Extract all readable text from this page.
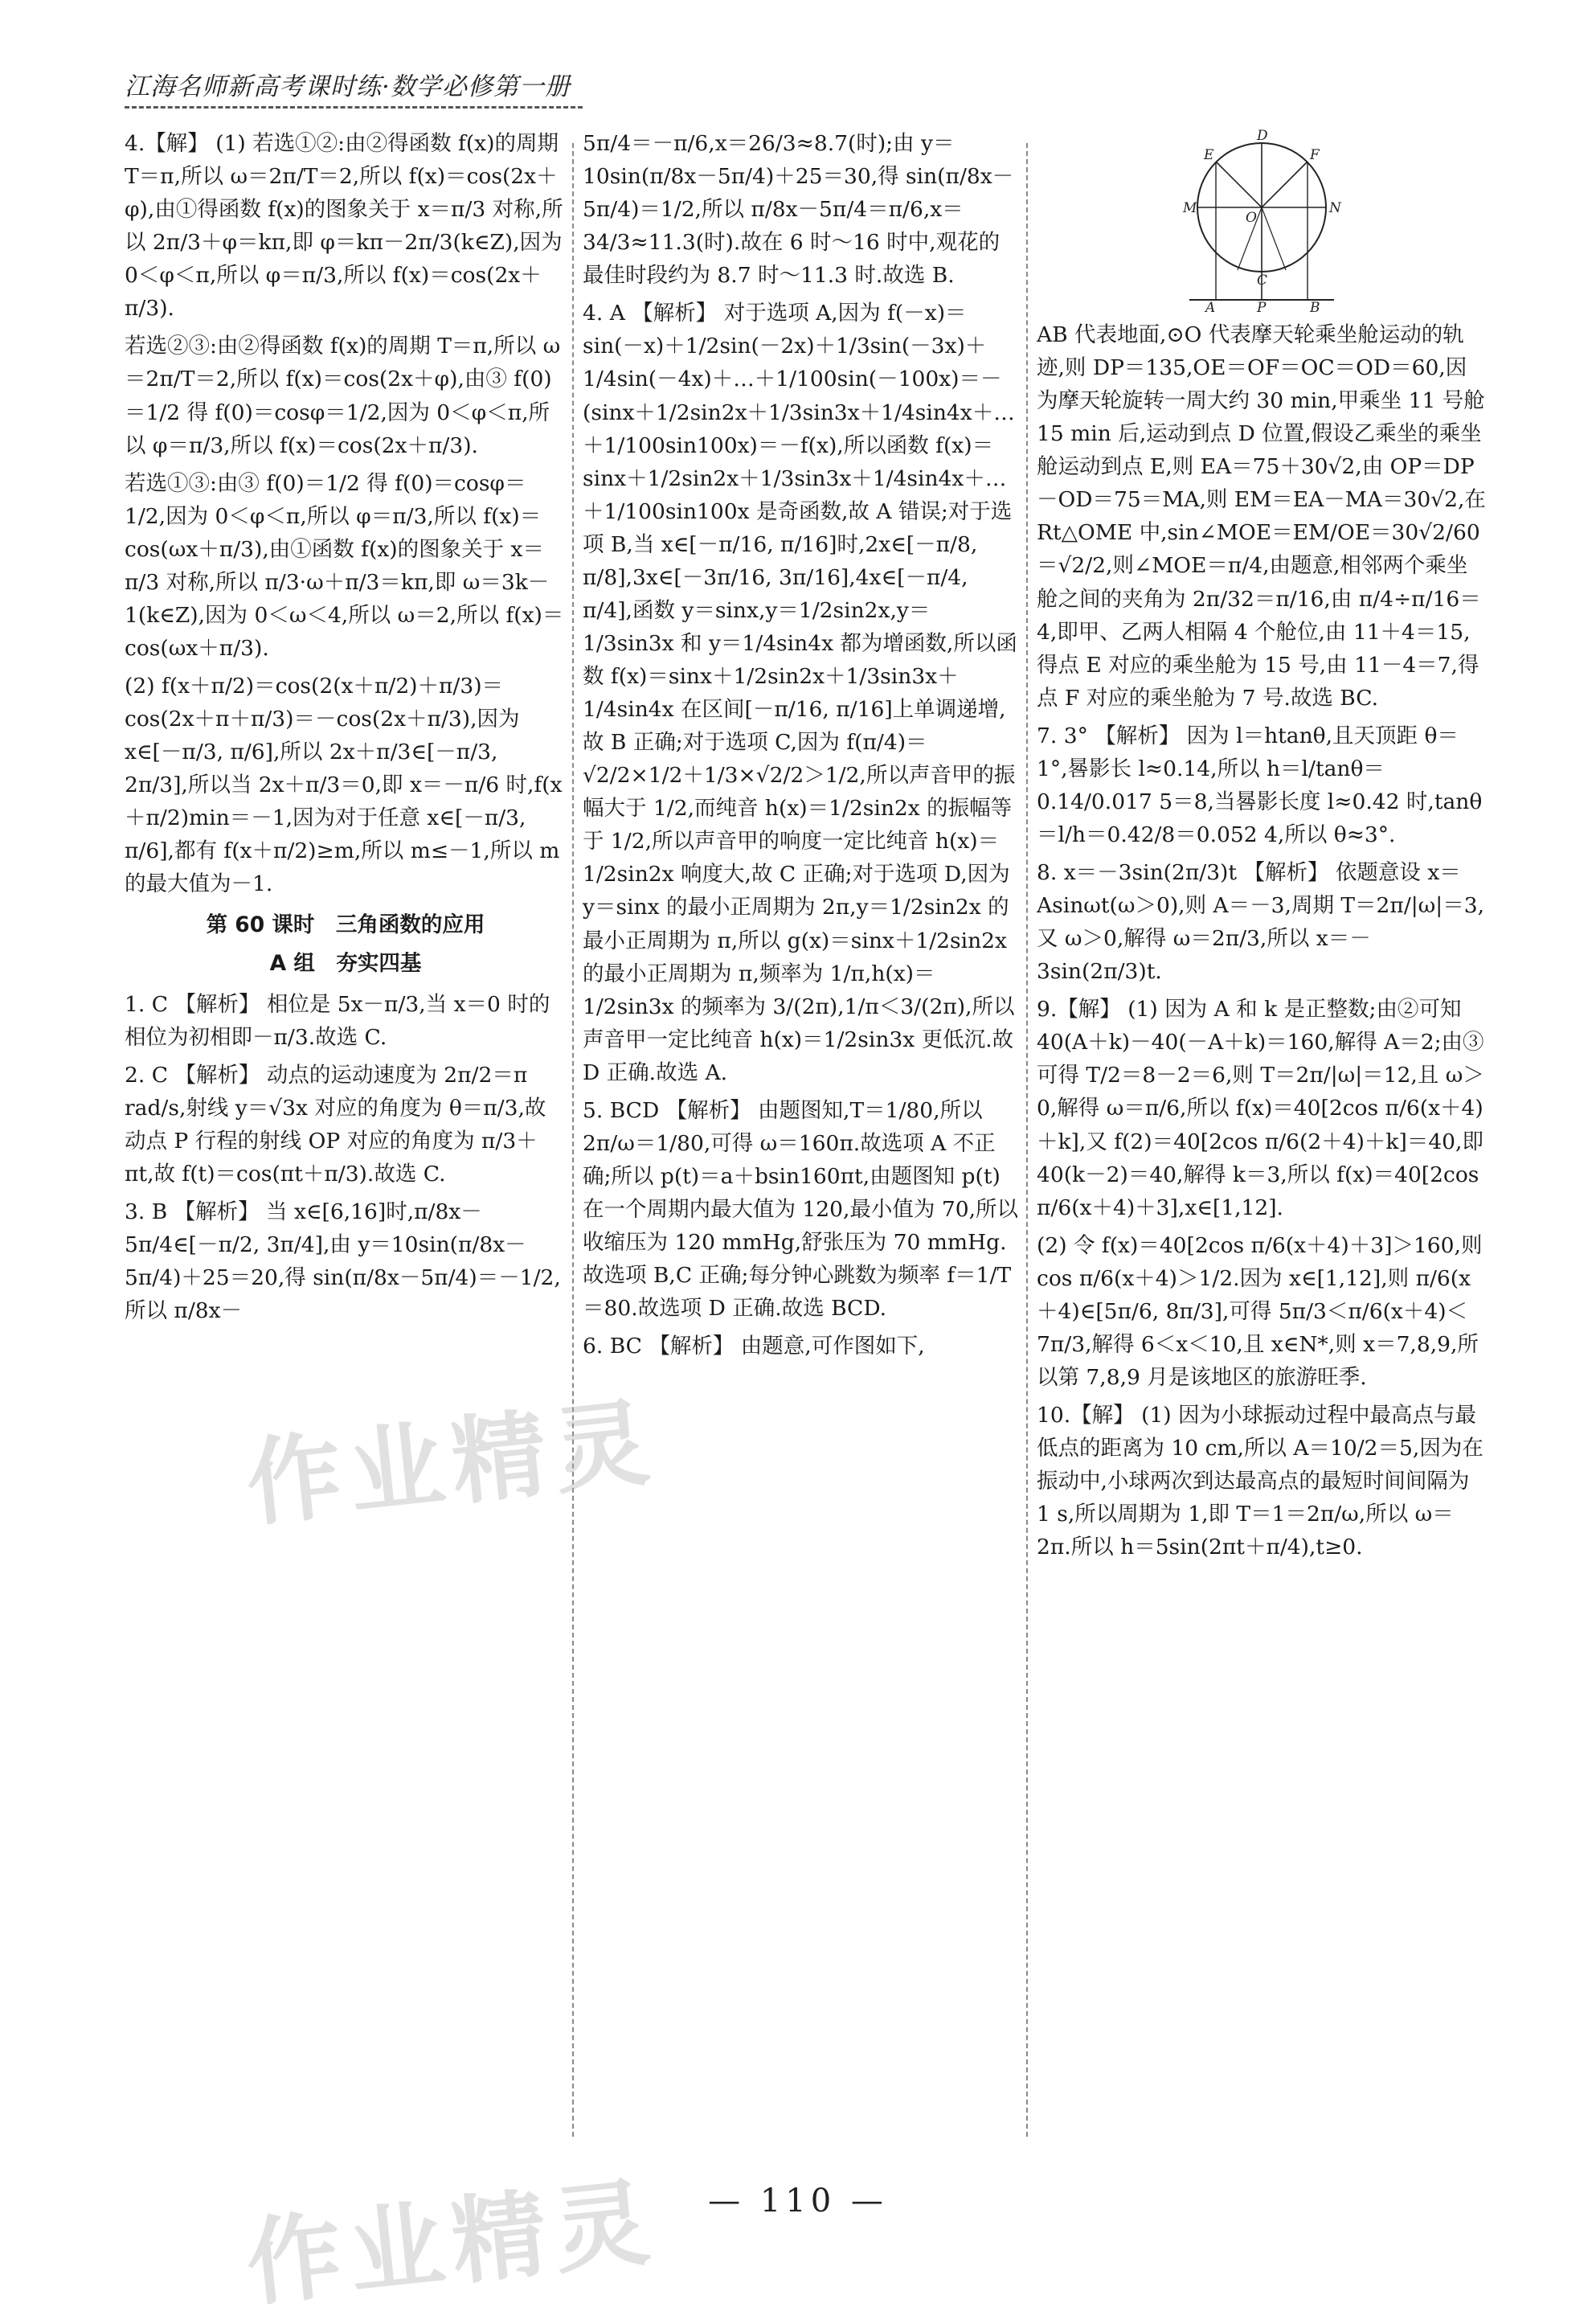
江海名师新高考课时练·数学必修第一册

4.【解】 (1) 若选①②:由②得函数 f(x)的周期 T＝π,所以 ω＝2π/T＝2,所以 f(x)＝cos(2x＋φ),由①得函数 f(x)的图象关于 x＝π/3 对称,所以 2π/3＋φ＝kπ,即 φ＝kπ－2π/3(k∈Z),因为 0＜φ＜π,所以 φ＝π/3,所以 f(x)＝cos(2x＋π/3).

若选②③:由②得函数 f(x)的周期 T＝π,所以 ω＝2π/T＝2,所以 f(x)＝cos(2x＋φ),由③ f(0)＝1/2 得 f(0)＝cosφ＝1/2,因为 0＜φ＜π,所以 φ＝π/3,所以 f(x)＝cos(2x＋π/3).

若选①③:由③ f(0)＝1/2 得 f(0)＝cosφ＝1/2,因为 0＜φ＜π,所以 φ＝π/3,所以 f(x)＝cos(ωx＋π/3),由①函数 f(x)的图象关于 x＝π/3 对称,所以 π/3·ω＋π/3＝kπ,即 ω＝3k－1(k∈Z),因为 0＜ω＜4,所以 ω＝2,所以 f(x)＝cos(ωx＋π/3).

(2) f(x＋π/2)＝cos(2(x＋π/2)＋π/3)＝cos(2x＋π＋π/3)＝－cos(2x＋π/3),因为 x∈[－π/3, π/6],所以 2x＋π/3∈[－π/3, 2π/3],所以当 2x＋π/3＝0,即 x＝－π/6 时,f(x＋π/2)min＝－1,因为对于任意 x∈[－π/3, π/6],都有 f(x＋π/2)≥m,所以 m≤－1,所以 m 的最大值为－1.

第 60 课时　三角函数的应用
A 组　夯实四基

1. C 【解析】 相位是 5x－π/3,当 x＝0 时的相位为初相即－π/3.故选 C.

2. C 【解析】 动点的运动速度为 2π/2＝π rad/s,射线 y＝√3x 对应的角度为 θ＝π/3,故动点 P 行程的射线 OP 对应的角度为 π/3＋πt,故 f(t)＝cos(πt＋π/3).故选 C.

3. B 【解析】 当 x∈[6,16]时,π/8x－5π/4∈[－π/2, 3π/4],由 y＝10sin(π/8x－5π/4)＋25＝20,得 sin(π/8x－5π/4)＝－1/2,所以 π/8x－

5π/4＝－π/6,x＝26/3≈8.7(时);由 y＝10sin(π/8x－5π/4)＋25＝30,得 sin(π/8x－5π/4)＝1/2,所以 π/8x－5π/4＝π/6,x＝34/3≈11.3(时).故在 6 时～16 时中,观花的最佳时段约为 8.7 时～11.3 时.故选 B.

4. A 【解析】 对于选项 A,因为 f(－x)＝sin(－x)＋1/2sin(－2x)＋1/3sin(－3x)＋1/4sin(－4x)＋…＋1/100sin(－100x)＝－(sinx＋1/2sin2x＋1/3sin3x＋1/4sin4x＋…＋1/100sin100x)＝－f(x),所以函数 f(x)＝sinx＋1/2sin2x＋1/3sin3x＋1/4sin4x＋…＋1/100sin100x 是奇函数,故 A 错误;对于选项 B,当 x∈[－π/16, π/16]时,2x∈[－π/8, π/8],3x∈[－3π/16, 3π/16],4x∈[－π/4, π/4],函数 y＝sinx,y＝1/2sin2x,y＝1/3sin3x 和 y＝1/4sin4x 都为增函数,所以函数 f(x)＝sinx＋1/2sin2x＋1/3sin3x＋1/4sin4x 在区间[－π/16, π/16]上单调递增,故 B 正确;对于选项 C,因为 f(π/4)＝√2/2×1/2＋1/3×√2/2＞1/2,所以声音甲的振幅大于 1/2,而纯音 h(x)＝1/2sin2x 的振幅等于 1/2,所以声音甲的响度一定比纯音 h(x)＝1/2sin2x 响度大,故 C 正确;对于选项 D,因为 y＝sinx 的最小正周期为 2π,y＝1/2sin2x 的最小正周期为 π,所以 g(x)＝sinx＋1/2sin2x 的最小正周期为 π,频率为 1/π,h(x)＝1/2sin3x 的频率为 3/(2π),1/π＜3/(2π),所以声音甲一定比纯音 h(x)＝1/2sin3x 更低沉.故 D 正确.故选 A.

5. BCD 【解析】 由题图知,T＝1/80,所以 2π/ω＝1/80,可得 ω＝160π.故选项 A 不正确;所以 p(t)＝a＋bsin160πt,由题图知 p(t)在一个周期内最大值为 120,最小值为 70,所以收缩压为 120 mmHg,舒张压为 70 mmHg.故选项 B,C 正确;每分钟心跳数为频率 f＝1/T＝80.故选项 D 正确.故选 BCD.

6. BC 【解析】 由题意,可作图如下,

D
E	F
M
O
N
C
A	P	B

AB 代表地面,⊙O 代表摩天轮乘坐舱运动的轨迹,则 DP＝135,OE＝OF＝OC＝OD＝60,因为摩天轮旋转一周大约 30 min,甲乘坐 11 号舱 15 min 后,运动到点 D 位置,假设乙乘坐的乘坐舱运动到点 E,则 EA＝75＋30√2,由 OP＝DP－OD＝75＝MA,则 EM＝EA－MA＝30√2,在 Rt△OME 中,sin∠MOE＝EM/OE＝30√2/60＝√2/2,则∠MOE＝π/4,由题意,相邻两个乘坐舱之间的夹角为 2π/32＝π/16,由 π/4÷π/16＝4,即甲、乙两人相隔 4 个舱位,由 11＋4＝15,得点 E 对应的乘坐舱为 15 号,由 11－4＝7,得点 F 对应的乘坐舱为 7 号.故选 BC.

7. 3° 【解析】 因为 l＝htanθ,且天顶距 θ＝1°,晷影长 l≈0.14,所以 h＝l/tanθ＝0.14/0.017 5＝8,当晷影长度 l≈0.42 时,tanθ＝l/h＝0.42/8＝0.052 4,所以 θ≈3°.

8. x＝－3sin(2π/3)t 【解析】 依题意设 x＝Asinωt(ω＞0),则 A＝－3,周期 T＝2π/|ω|＝3,又 ω＞0,解得 ω＝2π/3,所以 x＝－3sin(2π/3)t.

9.【解】 (1) 因为 A 和 k 是正整数;由②可知 40(A＋k)－40(－A＋k)＝160,解得 A＝2;由③可得 T/2＝8－2＝6,则 T＝2π/|ω|＝12,且 ω＞0,解得 ω＝π/6,所以 f(x)＝40[2cos π/6(x＋4)＋k],又 f(2)＝40[2cos π/6(2＋4)＋k]＝40,即 40(k－2)＝40,解得 k＝3,所以 f(x)＝40[2cos π/6(x＋4)＋3],x∈[1,12].

(2) 令 f(x)＝40[2cos π/6(x＋4)＋3]＞160,则 cos π/6(x＋4)＞1/2.因为 x∈[1,12],则 π/6(x＋4)∈[5π/6, 8π/3],可得 5π/3＜π/6(x＋4)＜7π/3,解得 6＜x＜10,且 x∈N*,则 x＝7,8,9,所以第 7,8,9 月是该地区的旅游旺季.

10.【解】 (1) 因为小球振动过程中最高点与最低点的距离为 10 cm,所以 A＝10/2＝5,因为在振动中,小球两次到达最高点的最短时间间隔为 1 s,所以周期为 1,即 T＝1＝2π/ω,所以 ω＝2π.所以 h＝5sin(2πt＋π/4),t≥0.

作业精灵
作业精灵	— 110 —
